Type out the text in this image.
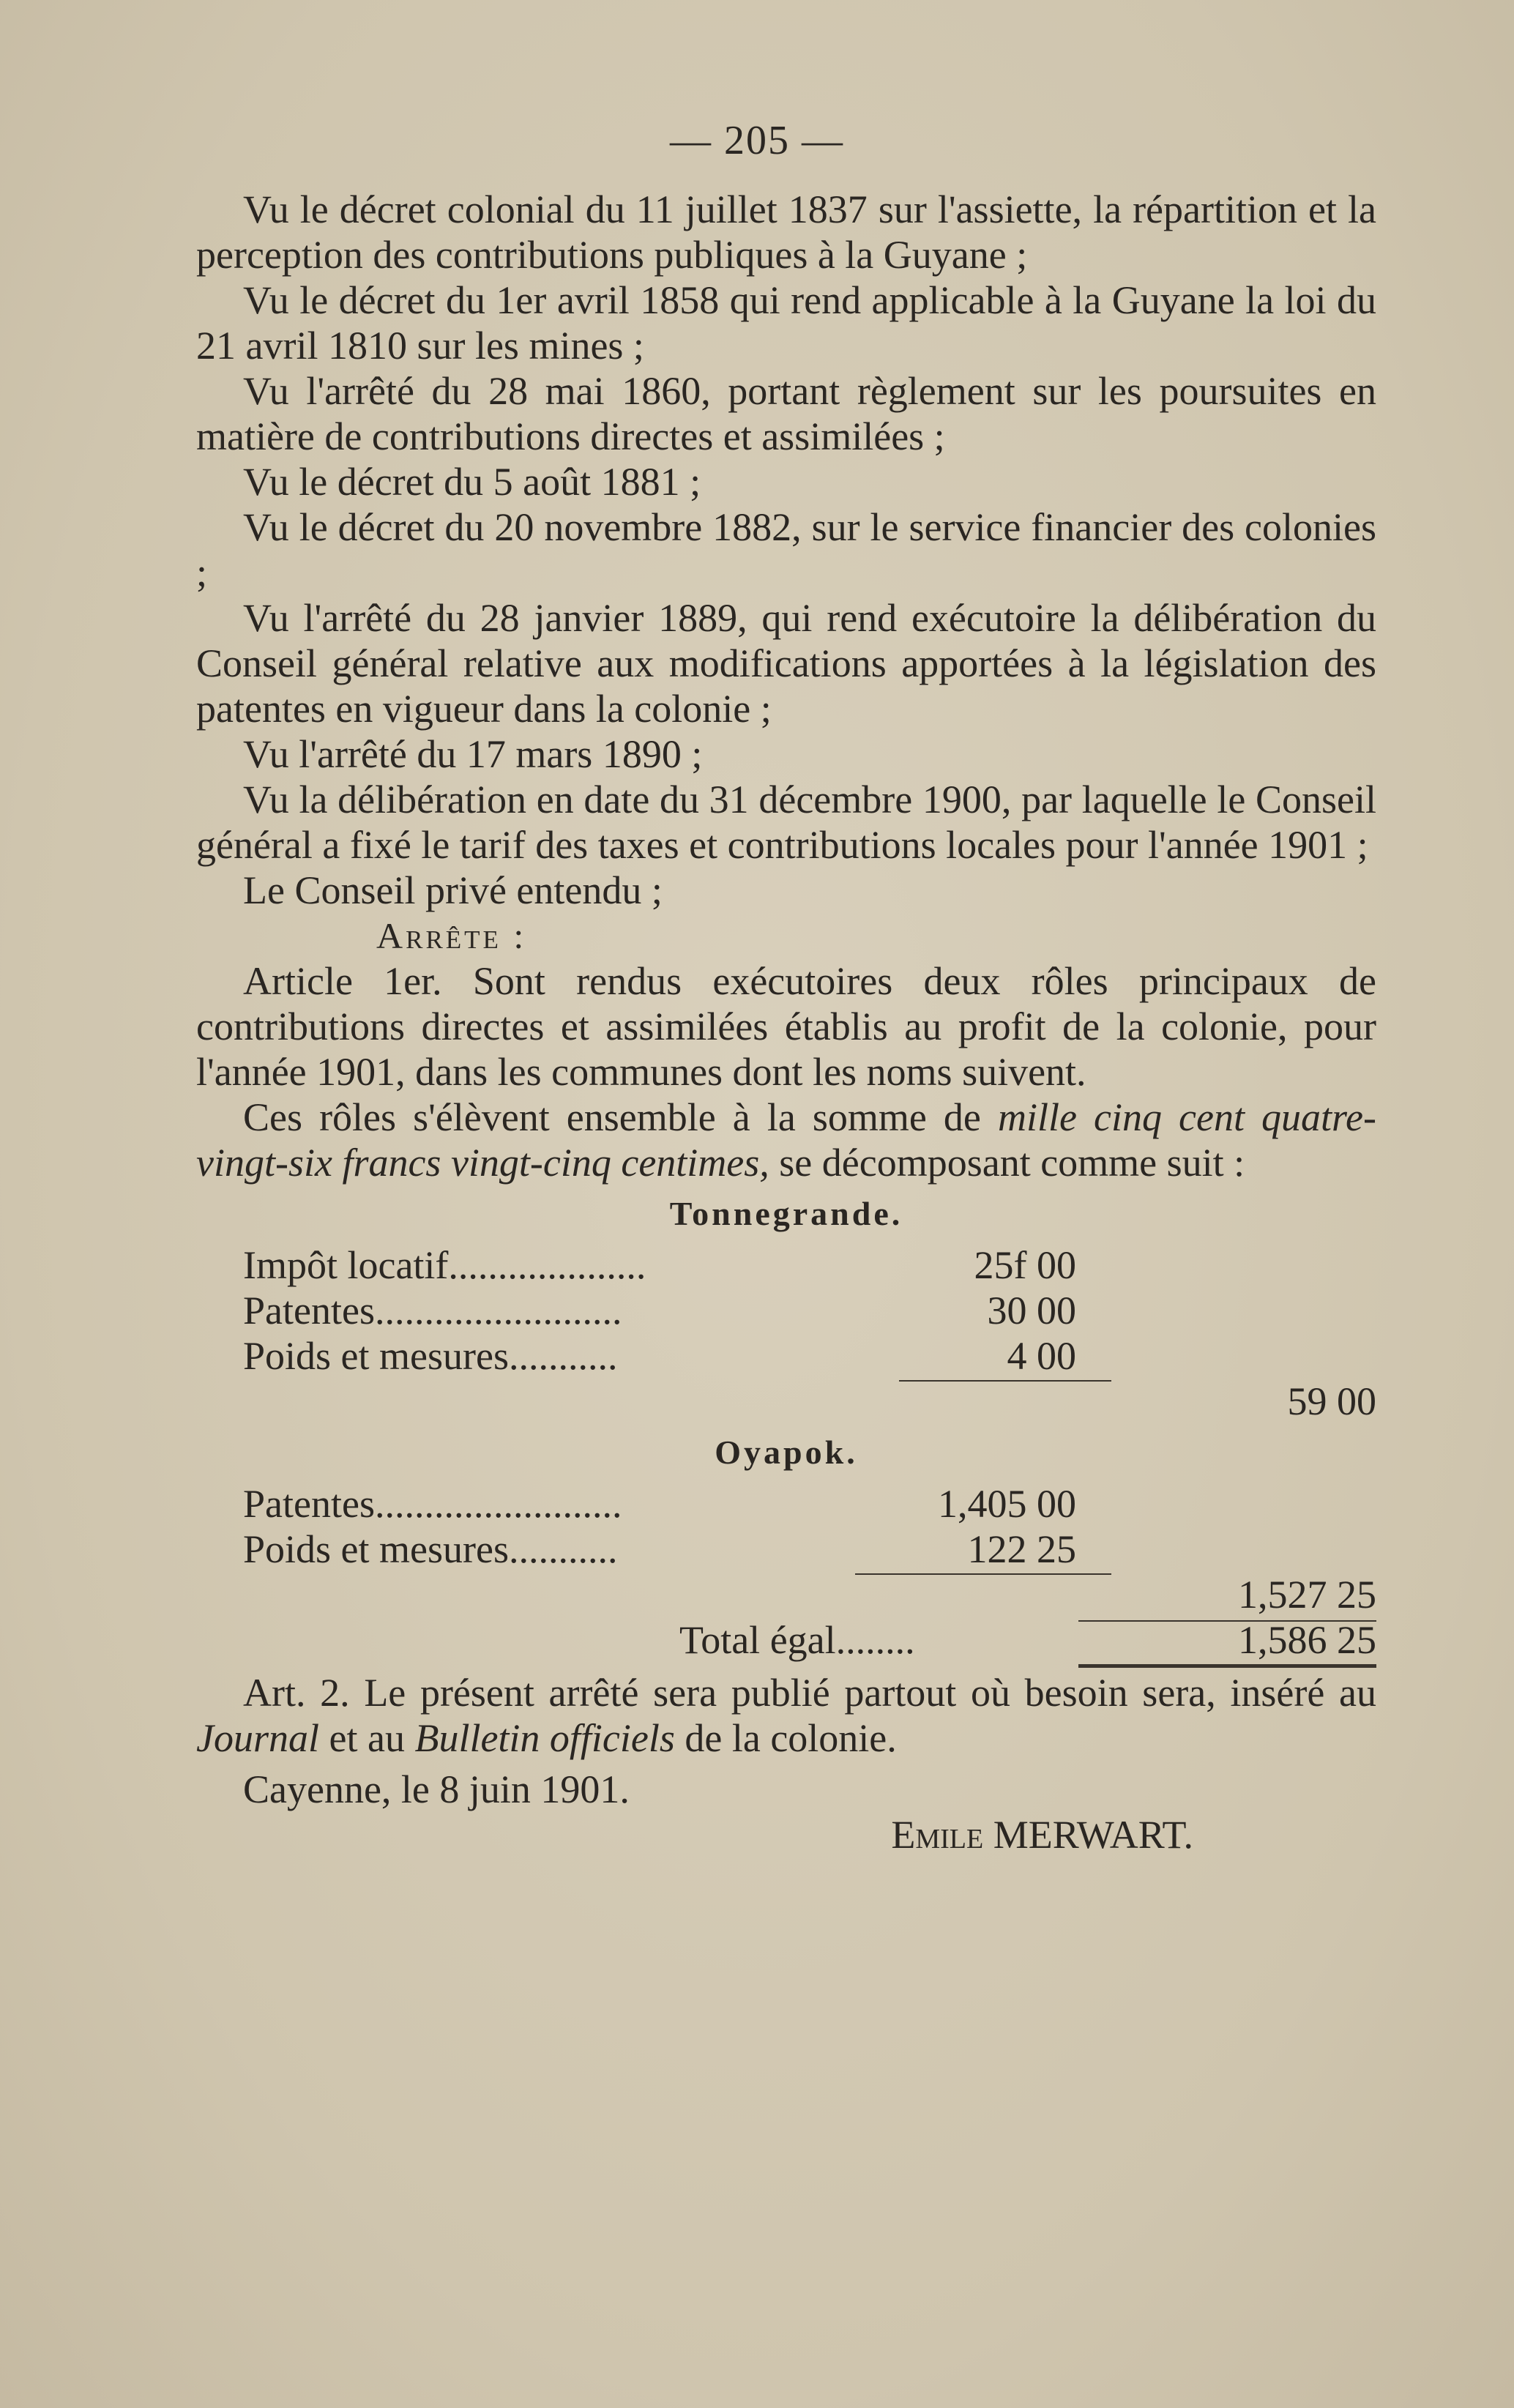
— 205 —

Vu le décret colonial du 11 juillet 1837 sur l'assiette, la répartition et la perception des contributions publiques à la Guyane ;

Vu le décret du 1er avril 1858 qui rend applicable à la Guyane la loi du 21 avril 1810 sur les mines ;

Vu l'arrêté du 28 mai 1860, portant règlement sur les poursuites en matière de contributions directes et assimilées ;

Vu le décret du 5 août 1881 ;

Vu le décret du 20 novembre 1882, sur le service financier des colonies ;

Vu l'arrêté du 28 janvier 1889, qui rend exécutoire la délibération du Conseil général relative aux modifications apportées à la législation des patentes en vigueur dans la colonie ;

Vu l'arrêté du 17 mars 1890 ;

Vu la délibération en date du 31 décembre 1900, par laquelle le Conseil général a fixé le tarif des taxes et contributions locales pour l'année 1901 ;

Le Conseil privé entendu ;

Arrête :

Article 1er. Sont rendus exécutoires deux rôles principaux de contributions directes et assimilées établis au profit de la colonie, pour l'année 1901, dans les communes dont les noms suivent.

Ces rôles s'élèvent ensemble à la somme de mille cinq cent quatre-vingt-six francs vingt-cinq centimes, se décomposant comme suit :

Tonnegrande.
Impôt locatif....................	25f 00
Patentes.........................	30 00
Poids et mesures...........	4 00
59 00
Oyapok.
Patentes.........................	1,405 00
Poids et mesures...........	122 25
1,527 25
Total égal........	1,586 25

Art. 2. Le présent arrêté sera publié partout où besoin sera, inséré au Journal et au Bulletin officiels de la colonie.

Cayenne, le 8 juin 1901.

Emile MERWART.
